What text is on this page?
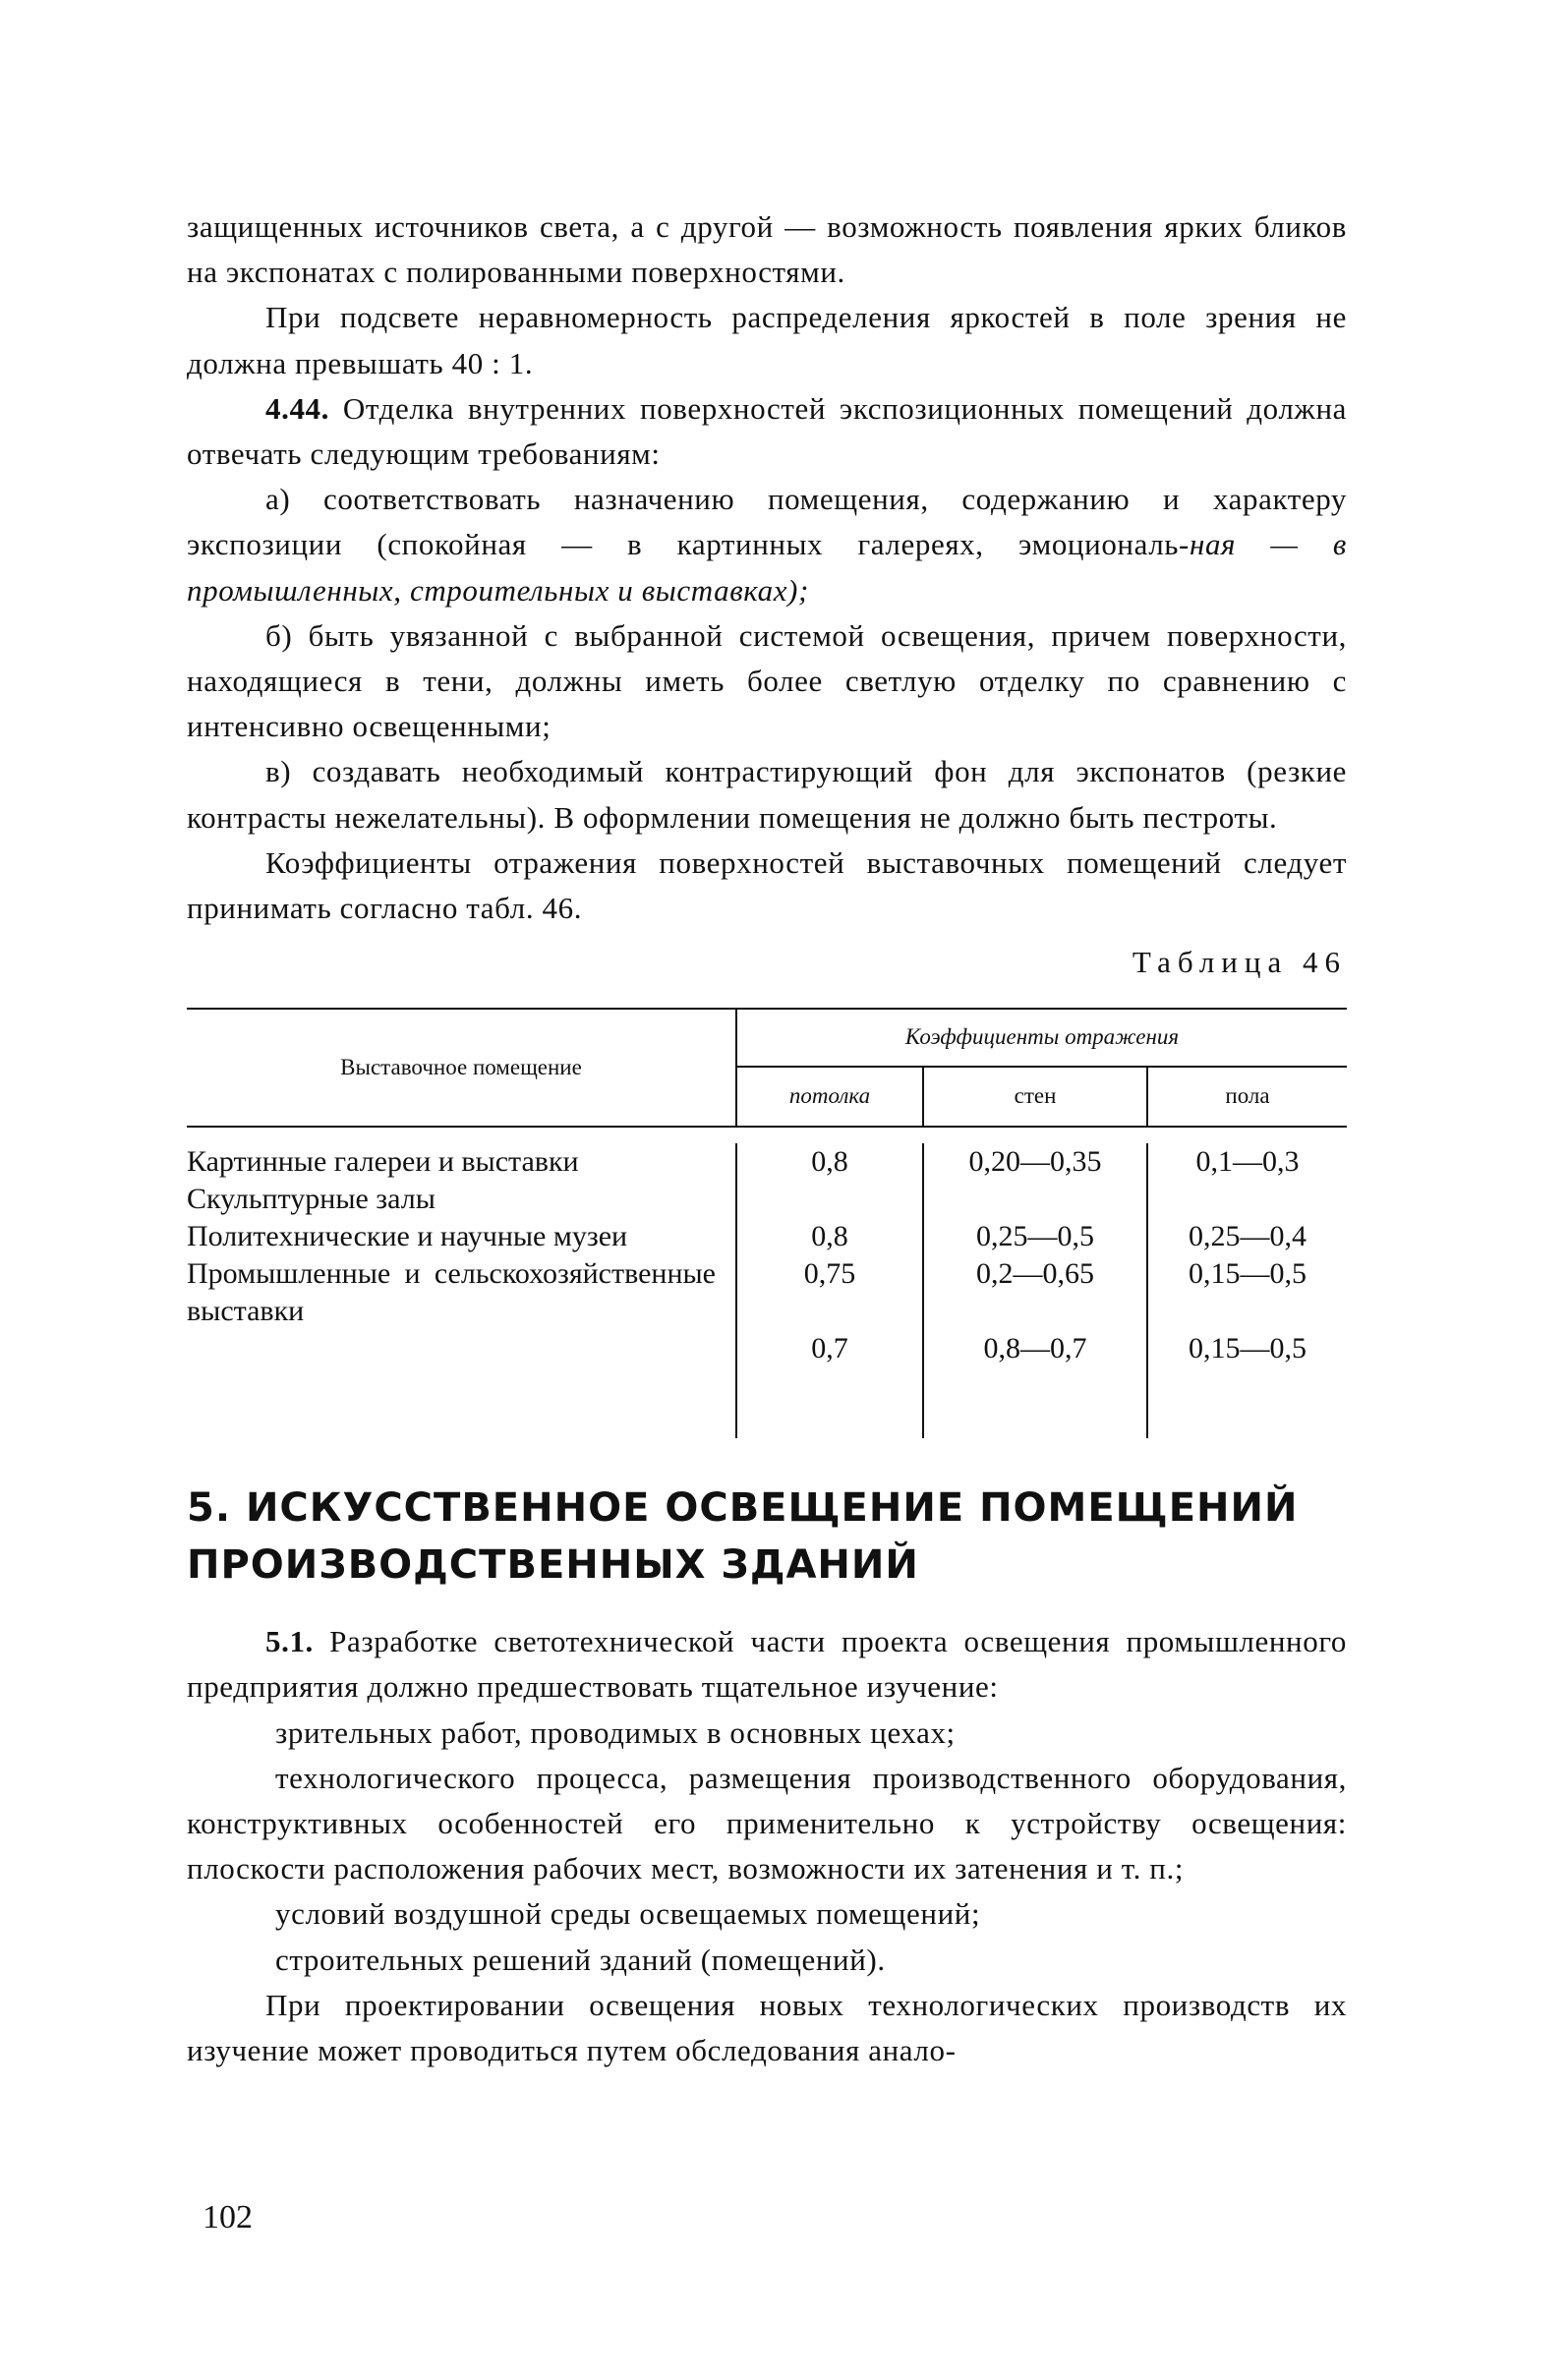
защищенных источников света, а с другой — возможность появления ярких бликов на экспонатах с полированными поверхностями.

При подсвете неравномерность распределения яркостей в поле зрения не должна превышать 40 : 1.

4.44. Отделка внутренних поверхностей экспозиционных помещений должна отвечать следующим требованиям:

а) соответствовать назначению помещения, содержанию и характеру экспозиции (спокойная — в картинных галереях, эмоциональ-ная — в промышленных, строительных и выставках);

б) быть увязанной с выбранной системой освещения, причем поверхности, находящиеся в тени, должны иметь более светлую отделку по сравнению с интенсивно освещенными;

в) создавать необходимый контрастирующий фон для экспонатов (резкие контрасты нежелательны). В оформлении помещения не должно быть пестроты.

Коэффициенты отражения поверхностей выставочных помещений следует принимать согласно табл. 46.

Таблица 46
Выставочное помещение
Коэффициенты отражения
потолка	стен	пола
Картинные галереи и выставки
Скульптурные залы
Политехнические и научные музеи
Промышленные и сельскохозяйственные выставки
0,8
0,8
0,75
0,7
0,20—0,35
0,25—0,5
0,2—0,65
0,8—0,7
0,1—0,3
0,25—0,4
0,15—0,5
0,15—0,5
5. ИСКУССТВЕННОЕ ОСВЕЩЕНИЕ ПОМЕЩЕНИЙ
ПРОИЗВОДСТВЕННЫХ ЗДАНИЙ

5.1. Разработке светотехнической части проекта освещения промышленного предприятия должно предшествовать тщательное изучение:

зрительных работ, проводимых в основных цехах;

технологического процесса, размещения производственного оборудования, конструктивных особенностей его применительно к устройству освещения: плоскости расположения рабочих мест, возможности их затенения и т. п.;

условий воздушной среды освещаемых помещений;

строительных решений зданий (помещений).

При проектировании освещения новых технологических производств их изучение может проводиться путем обследования анало-

102
